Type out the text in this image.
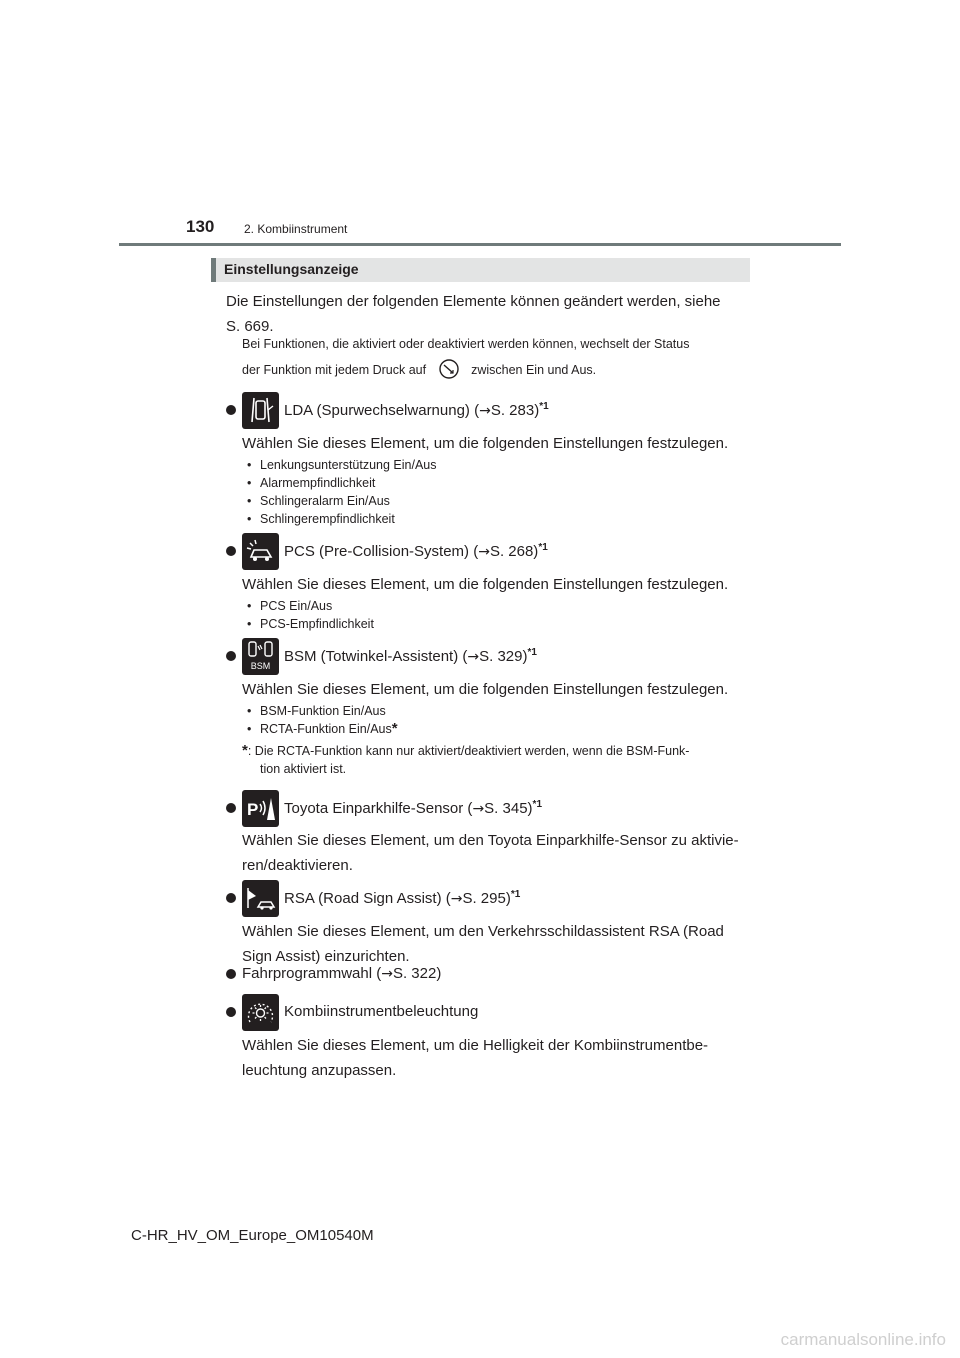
130 2. Kombiinstrument
Einstellungsanzeige
Die Einstellungen der folgenden Elemente können geändert werden, siehe
S. 669.
Bei Funktionen, die aktiviert oder deaktiviert werden können, wechselt der Status
der Funktion mit jedem Druck auf	zwischen Ein und Aus.
LDA (Spurwechselwarnung) (→S. 283)$^{*1}$
Wählen Sie dieses Element, um die folgenden Einstellungen festzulegen.
• Lenkungsunterstützung Ein/Aus
• Alarmempfindlichkeit
• Schlingeralarm Ein/Aus
• Schlingerempfindlichkeit
PCS (Pre-Collision-System) (→S. 268)$^{*1}$
Wählen Sie dieses Element, um die folgenden Einstellungen festzulegen.
• PCS Ein/Aus
• PCS-Empfindlichkeit
BSM
BSM (Totwinkel-Assistent) (→S. 329)$^{*1}$
Wählen Sie dieses Element, um die folgenden Einstellungen festzulegen.
• BSM-Funktion Ein/Aus
• RCTA-Funktion Ein/Aus*
*: Die RCTA-Funktion kann nur aktiviert/deaktiviert werden, wenn die BSM-Funk-
tion aktiviert ist.
P Toyota Einparkhilfe-Sensor (→S. 345)$^{*1}$
Wählen Sie dieses Element, um den Toyota Einparkhilfe-Sensor zu aktivie-
ren/deaktivieren.
RSA (Road Sign Assist) (→S. 295)$^{*1}$
Wählen Sie dieses Element, um den Verkehrsschildassistent RSA (Road
Sign Assist) einzurichten.
Fahrprogrammwahl (→S. 322)
Kombiinstrumentbeleuchtung
Wählen Sie dieses Element, um die Helligkeit der Kombiinstrumentbe-
leuchtung anzupassen.
C-HR_HV_OM_Europe_OM10540M
carmanualsonline.info
